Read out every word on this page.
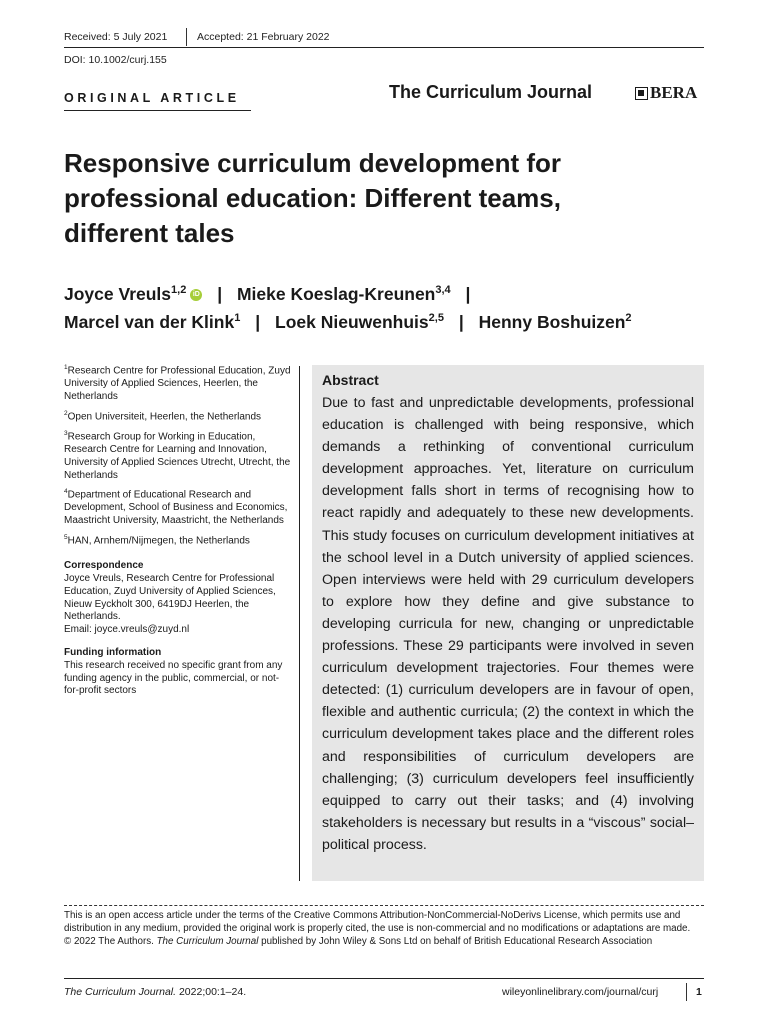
Received: 5 July 2021	Accepted: 21 February 2022
DOI: 10.1002/curj.155
ORIGINAL ARTICLE	The Curriculum Journal	BERA
Responsive curriculum development for professional education: Different teams, different tales
Joyce Vreuls$^{1,2}$ iD | Mieke Koeslag-Kreunen$^{3,4}$ |
Marcel van der Klink$^1$ | Loek Nieuwenhuis$^{2,5}$ | Henny Boshuizen$^2$
$^1$Research Centre for Professional Education, Zuyd University of Applied Sciences, Heerlen, the Netherlands
$^2$Open Universiteit, Heerlen, the Netherlands
$^3$Research Group for Working in Education, Research Centre for Learning and Innovation, University of Applied Sciences Utrecht, Utrecht, the Netherlands
$^4$Department of Educational Research and Development, School of Business and Economics, Maastricht University, Maastricht, the Netherlands
$^5$HAN, Arnhem/Nijmegen, the Netherlands
Correspondence
Joyce Vreuls, Research Centre for Professional Education, Zuyd University of Applied Sciences, Nieuw Eyckholt 300, 6419DJ Heerlen, the Netherlands.
Email: joyce.vreuls@zuyd.nl
Funding information
This research received no specific grant from any funding agency in the public, commercial, or not-for-profit sectors
Abstract
Due to fast and unpredictable developments, professional education is challenged with being responsive, which demands a rethinking of conventional curriculum development approaches. Yet, literature on curriculum development falls short in terms of recognising how to react rapidly and adequately to these new developments. This study focuses on curriculum development initiatives at the school level in a Dutch university of applied sciences. Open interviews were held with 29 curriculum developers to explore how they define and give substance to developing curricula for new, changing or unpredictable professions. These 29 participants were involved in seven curriculum development trajectories. Four themes were detected: (1) curriculum developers are in favour of open, flexible and authentic curricula; (2) the context in which the curriculum development takes place and the different roles and responsibilities of curriculum developers are challenging; (3) curriculum developers feel insufficiently equipped to carry out their tasks; and (4) involving stakeholders is necessary but results in a “viscous” social–political process.
This is an open access article under the terms of the Creative Commons Attribution-NonCommercial-NoDerivs License, which permits use and distribution in any medium, provided the original work is properly cited, the use is non-commercial and no modifications or adaptations are made.
© 2022 The Authors. The Curriculum Journal published by John Wiley & Sons Ltd on behalf of British Educational Research Association
The Curriculum Journal. 2022;00:1–24.	wileyonlinelibrary.com/journal/curj	1
